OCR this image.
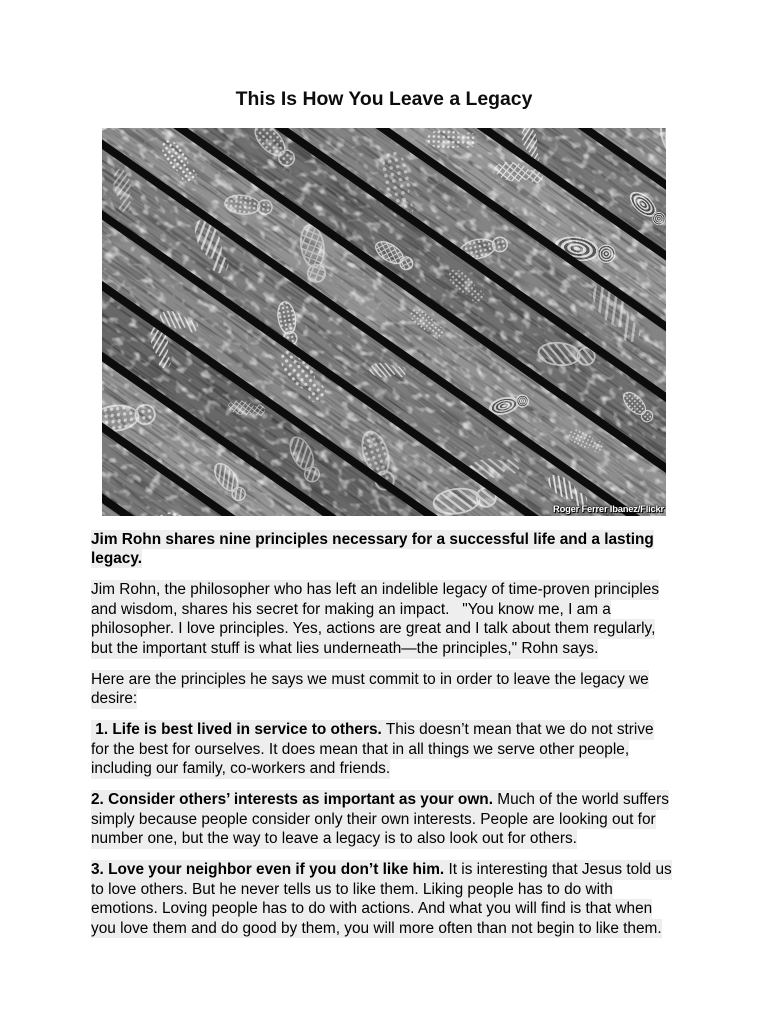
This Is How You Leave a Legacy
Roger Ferrer Ibanez/Flickr

Jim Rohn shares nine principles necessary for a successful life and a lasting
legacy.

Jim Rohn, the philosopher who has left an indelible legacy of time-proven principles
and wisdom, shares his secret for making an impact.   "You know me, I am a
philosopher. I love principles. Yes, actions are great and I talk about them regularly,
but the important stuff is what lies underneath—the principles," Rohn says.

Here are the principles he says we must commit to in order to leave the legacy we
desire:

1. Life is best lived in service to others. This doesn’t mean that we do not strive
for the best for ourselves. It does mean that in all things we serve other people,
including our family, co-workers and friends.

2. Consider others’ interests as important as your own. Much of the world suffers
simply because people consider only their own interests. People are looking out for
number one, but the way to leave a legacy is to also look out for others.

3. Love your neighbor even if you don’t like him. It is interesting that Jesus told us
to love others. But he never tells us to like them. Liking people has to do with
emotions. Loving people has to do with actions. And what you will find is that when
you love them and do good by them, you will more often than not begin to like them.
